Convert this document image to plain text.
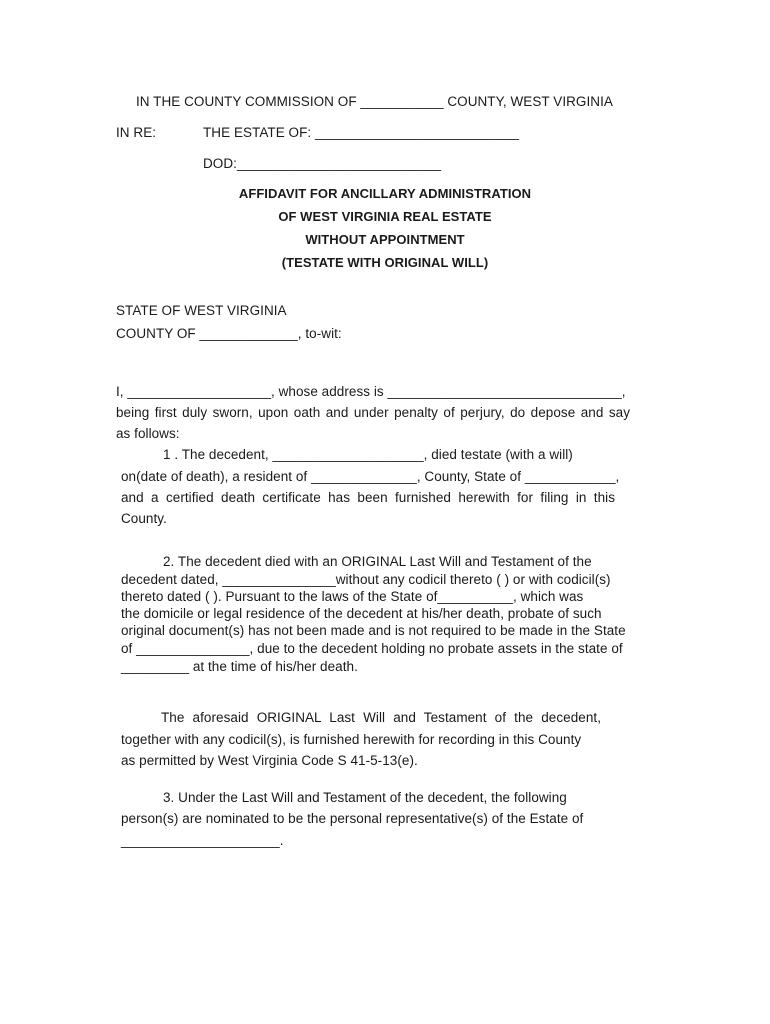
IN THE COUNTY COMMISSION OF ___________ COUNTY, WEST VIRGINIA
IN RE:	THE ESTATE OF: ___________________________
DOD:___________________________
AFFIDAVIT FOR ANCILLARY ADMINISTRATION
OF WEST VIRGINIA REAL ESTATE
WITHOUT APPOINTMENT
(TESTATE WITH ORIGINAL WILL)
STATE OF WEST VIRGINIA
COUNTY OF _____________, to-wit:
I, ___________________, whose address is _______________________________,
being first duly sworn, upon oath and under penalty of perjury, do depose and say
as follows:
1 . The decedent, ____________________, died testate (with a will)
on(date of death), a resident of ______________, County, State of ____________,
and a certified death certificate has been furnished herewith for filing in this
County.
2. The decedent died with an ORIGINAL Last Will and Testament of the
decedent dated, _______________without any codicil thereto ( ) or with codicil(s)
thereto dated ( ). Pursuant to the laws of the State of__________, which was
the domicile or legal residence of the decedent at his/her death, probate of such
original document(s) has not been made and is not required to be made in the State
of _______________, due to the decedent holding no probate assets in the state of
_________ at the time of his/her death.
The aforesaid ORIGINAL Last Will and Testament of the decedent,
together with any codicil(s), is furnished herewith for recording in this County
as permitted by West Virginia Code S 41-5-13(e).
3. Under the Last Will and Testament of the decedent, the following
person(s) are nominated to be the personal representative(s) of the Estate of
_____________________.
